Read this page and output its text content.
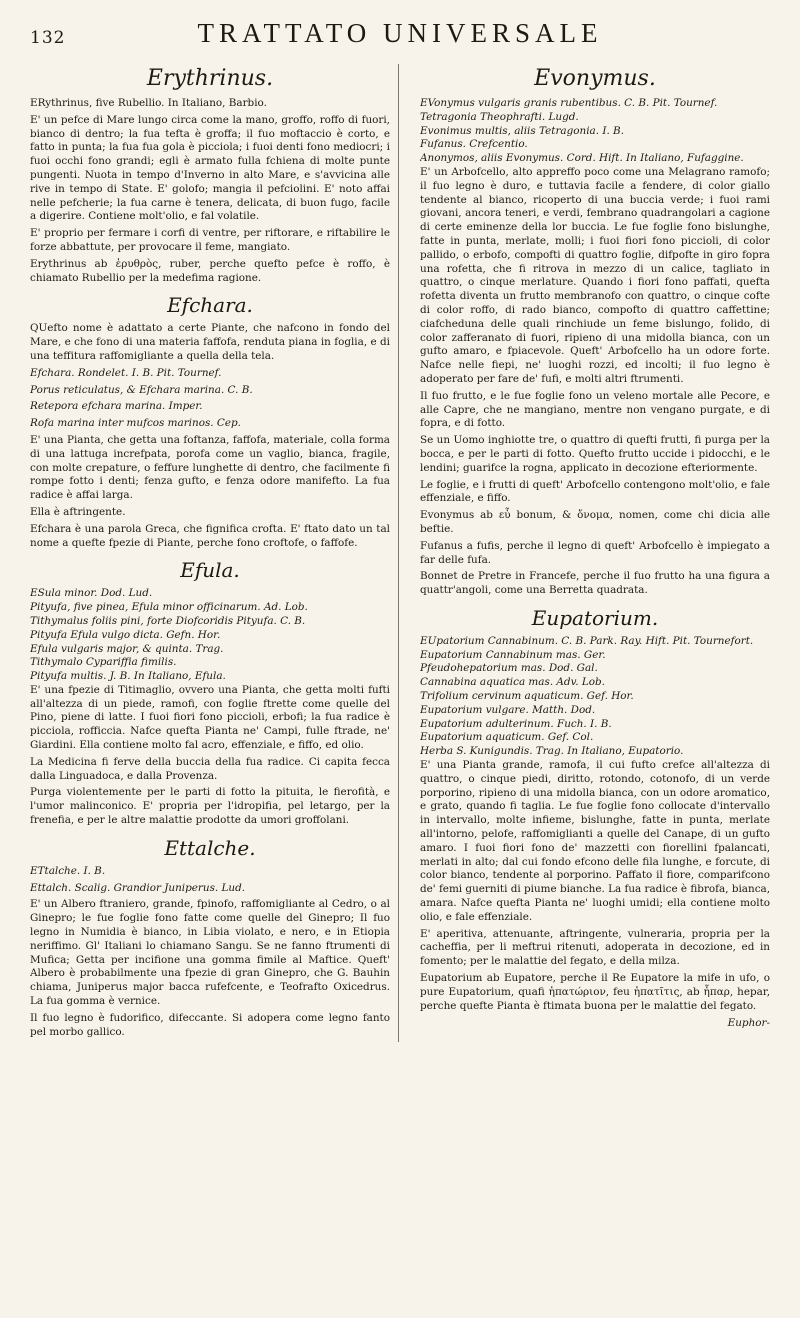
132	TRATTATO UNIVERSALE
Erythrinus.

ERythrinus, five Rubellio. In Italiano, Barbio.

E' un pefce di Mare lungo circa come la mano, groffo, roffo di fuori, bianco di dentro; la fua tefta è groffa; il fuo moftaccio è corto, e fatto in punta; la fua fua gola è picciola; i fuoi denti fono mediocri; i fuoi occhi fono grandi; egli è armato fulla fchiena di molte punte pungenti. Nuota in tempo d'Inverno in alto Mare, e s'avvicina alle rive in tempo di State. E' golofo; mangia il pefciolini. E' noto affai nelle pefcherie; la fua carne è tenera, delicata, di buon fugo, facile a digerire. Contiene molt'olio, e fal volatile.

E' proprio per fermare i corfi di ventre, per riftorare, e riftabilire le forze abbattute, per provocare il feme, mangiato.

Erythrinus ab ἐρυθρὸς, ruber, perche quefto pefce è roffo, è chiamato Rubellio per la medefima ragione.

Efchara.

QUefto nome è adattato a certe Piante, che nafcono in fondo del Mare, e che fono di una materia faffofa, renduta piana in foglia, e di una teffitura raffomigliante a quella della tela.

Efchara. Rondelet. I. B. Pit. Tournef.

Porus reticulatus, & Efchara marina. C. B.

Retepora efchara marina. Imper.

Rofa marina inter mufcos marinos. Cep.

E' una Pianta, che getta una foftanza, faffofa, materiale, colla forma di una lattuga increfpata, porofa come un vaglio, bianca, fragile, con molte crepature, o feffure lunghette di dentro, che facilmente fi rompe fotto i denti; fenza gufto, e fenza odore manifefto. La fua radice è affai larga.

Ella è aftringente.

Efchara è una parola Greca, che fignifica crofta. E' ftato dato un tal nome a quefte fpezie di Piante, perche fono croftofe, o faffofe.

Efula.

ESula minor. Dod. Lud.

Pityufa, five pinea, Efula minor officinarum. Ad. Lob.

Tithymalus foliis pini, forte Diofcoridis Pityufa. C. B.

Pityufa Efula vulgo dicta. Gefn. Hor.

Efula vulgaris major, & quinta. Trag.

Tithymalo Cypariffia fimilis.

Pityufa multis. J. B. In Italiano, Efula.

E' una fpezie di Titimaglio, ovvero una Pianta, che getta molti fufti all'altezza di un piede, ramofi, con foglie ftrette come quelle del Pino, piene di latte. I fuoi fiori fono piccioli, erbofi; la fua radice è picciola, rofficcia. Nafce quefta Pianta ne' Campi, fulle ftrade, ne' Giardini. Ella contiene molto fal acro, effenziale, e fiffo, ed olio.

La Medicina fi ferve della buccia della fua radice. Ci capita fecca dalla Linguadoca, e dalla Provenza.

Purga violentemente per le parti di fotto la pituita, le fierofità, e l'umor malinconico. E' propria per l'idropifia, pel letargo, per la frenefia, e per le altre malattie prodotte da umori groffolani.

Ettalche.

ETtalche. I. B.

Ettalch. Scalig. Grandior Juniperus. Lud.

E' un Albero ftraniero, grande, fpinofo, raffomigliante al Cedro, o al Ginepro; le fue foglie fono fatte come quelle del Ginepro; Il fuo legno in Numidia è bianco, in Libia violato, e nero, e in Etiopia neriffimo. Gl' Italiani lo chiamano Sangu. Se ne fanno ftrumenti di Mufica; Getta per incifione una gomma fimile al Maftice. Queft' Albero è probabilmente una fpezie di gran Ginepro, che G. Bauhin chiama, Juniperus major bacca rufefcente, e Teofrafto Oxicedrus. La fua gomma è vernice.

Il fuo legno è fudorifico, difeccante. Si adopera come legno fanto pel morbo gallico.

Evonymus.

EVonymus vulgaris granis rubentibus. C. B. Pit. Tournef.

Tetragonia Theophrafti. Lugd.

Evonimus multis, aliis Tetragonia. I. B.

Fufanus. Crefcentio.

Anonymos, aliis Evonymus. Cord. Hift. In Italiano, Fufaggine.

E' un Arbofcello, alto appreffo poco come una Melagrano ramofo; il fuo legno è duro, e tuttavia facile a fendere, di color giallo tendente al bianco, ricoperto di una buccia verde; i fuoi rami giovani, ancora teneri, e verdi, fembrano quadrangolari a cagione di certe eminenze della lor buccia. Le fue foglie fono bislunghe, fatte in punta, merlate, molli; i fuoi fiori fono piccioli, di color pallido, o erbofo, compofti di quattro foglie, difpofte in giro fopra una rofetta, che fi ritrova in mezzo di un calice, tagliato in quattro, o cinque merlature. Quando i fiori fono paffati, quefta rofetta diventa un frutto membranofo con quattro, o cinque cofte di color roffo, di rado bianco, compofto di quattro caffettine; ciafcheduna delle quali rinchiude un feme bislungo, folido, di color zafferanato di fuori, ripieno di una midolla bianca, con un gufto amaro, e fpiacevole. Queft' Arbofcello ha un odore forte. Nafce nelle fiepi, ne' luoghi rozzi, ed incolti; il fuo legno è adoperato per fare de' fufi, e molti altri ftrumenti.

Il fuo frutto, e le fue foglie fono un veleno mortale alle Pecore, e alle Capre, che ne mangiano, mentre non vengano purgate, e di fopra, e di fotto.

Se un Uomo inghiotte tre, o quattro di quefti frutti, fi purga per la bocca, e per le parti di fotto. Quefto frutto uccide i pidocchi, e le lendini; guarifce la rogna, applicato in decozione efteriormente.

Le foglie, e i frutti di queft' Arbofcello contengono molt'olio, e fale effenziale, e fiffo.

Evonymus ab εὖ bonum, & ὄνομα, nomen, come chi dicia alle beftie.

Fufanus a fufis, perche il legno di queft' Arbofcello è impiegato a far delle fufa.

Bonnet de Pretre in Francefe, perche il fuo frutto ha una figura a quattr'angoli, come una Berretta quadrata.

Eupatorium.

EUpatorium Cannabinum. C. B. Park. Ray. Hift. Pit. Tournefort.

Eupatorium Cannabinum mas. Ger.

Pfeudohepatorium mas. Dod. Gal.

Cannabina aquatica mas. Adv. Lob.

Trifolium cervinum aquaticum. Gef. Hor.

Eupatorium vulgare. Matth. Dod.

Eupatorium adulterinum. Fuch. I. B.

Eupatorium aquaticum. Gef. Col.

Herba S. Kunigundis. Trag. In Italiano, Eupatorio.

E' una Pianta grande, ramofa, il cui fufto crefce all'altezza di quattro, o cinque piedi, diritto, rotondo, cotonofo, di un verde porporino, ripieno di una midolla bianca, con un odore aromatico, e grato, quando fi taglia. Le fue foglie fono collocate d'intervallo in intervallo, molte infieme, bislunghe, fatte in punta, merlate all'intorno, pelofe, raffomiglianti a quelle del Canape, di un gufto amaro. I fuoi fiori fono de' mazzetti con fiorellini fpalancati, merlati in alto; dal cui fondo efcono delle fila lunghe, e forcute, di color bianco, tendente al porporino. Paffato il fiore, comparifcono de' femi guerniti di piume bianche. La fua radice è fibrofa, bianca, amara. Nafce quefta Pianta ne' luoghi umidi; ella contiene molto olio, e fale effenziale.

E' aperitiva, attenuante, aftringente, vulneraria, propria per la cacheffia, per li meftrui ritenuti, adoperata in decozione, ed in fomento; per le malattie del fegato, e della milza.

Eupatorium ab Eupatore, perche il Re Eupatore la mife in ufo, o pure Eupatorium, quafi ἡπατώριον, feu ἡπατῖτις, ab ἧπαρ, hepar, perche quefte Pianta è ftimata buona per le malattie del fegato.

Euphor-
